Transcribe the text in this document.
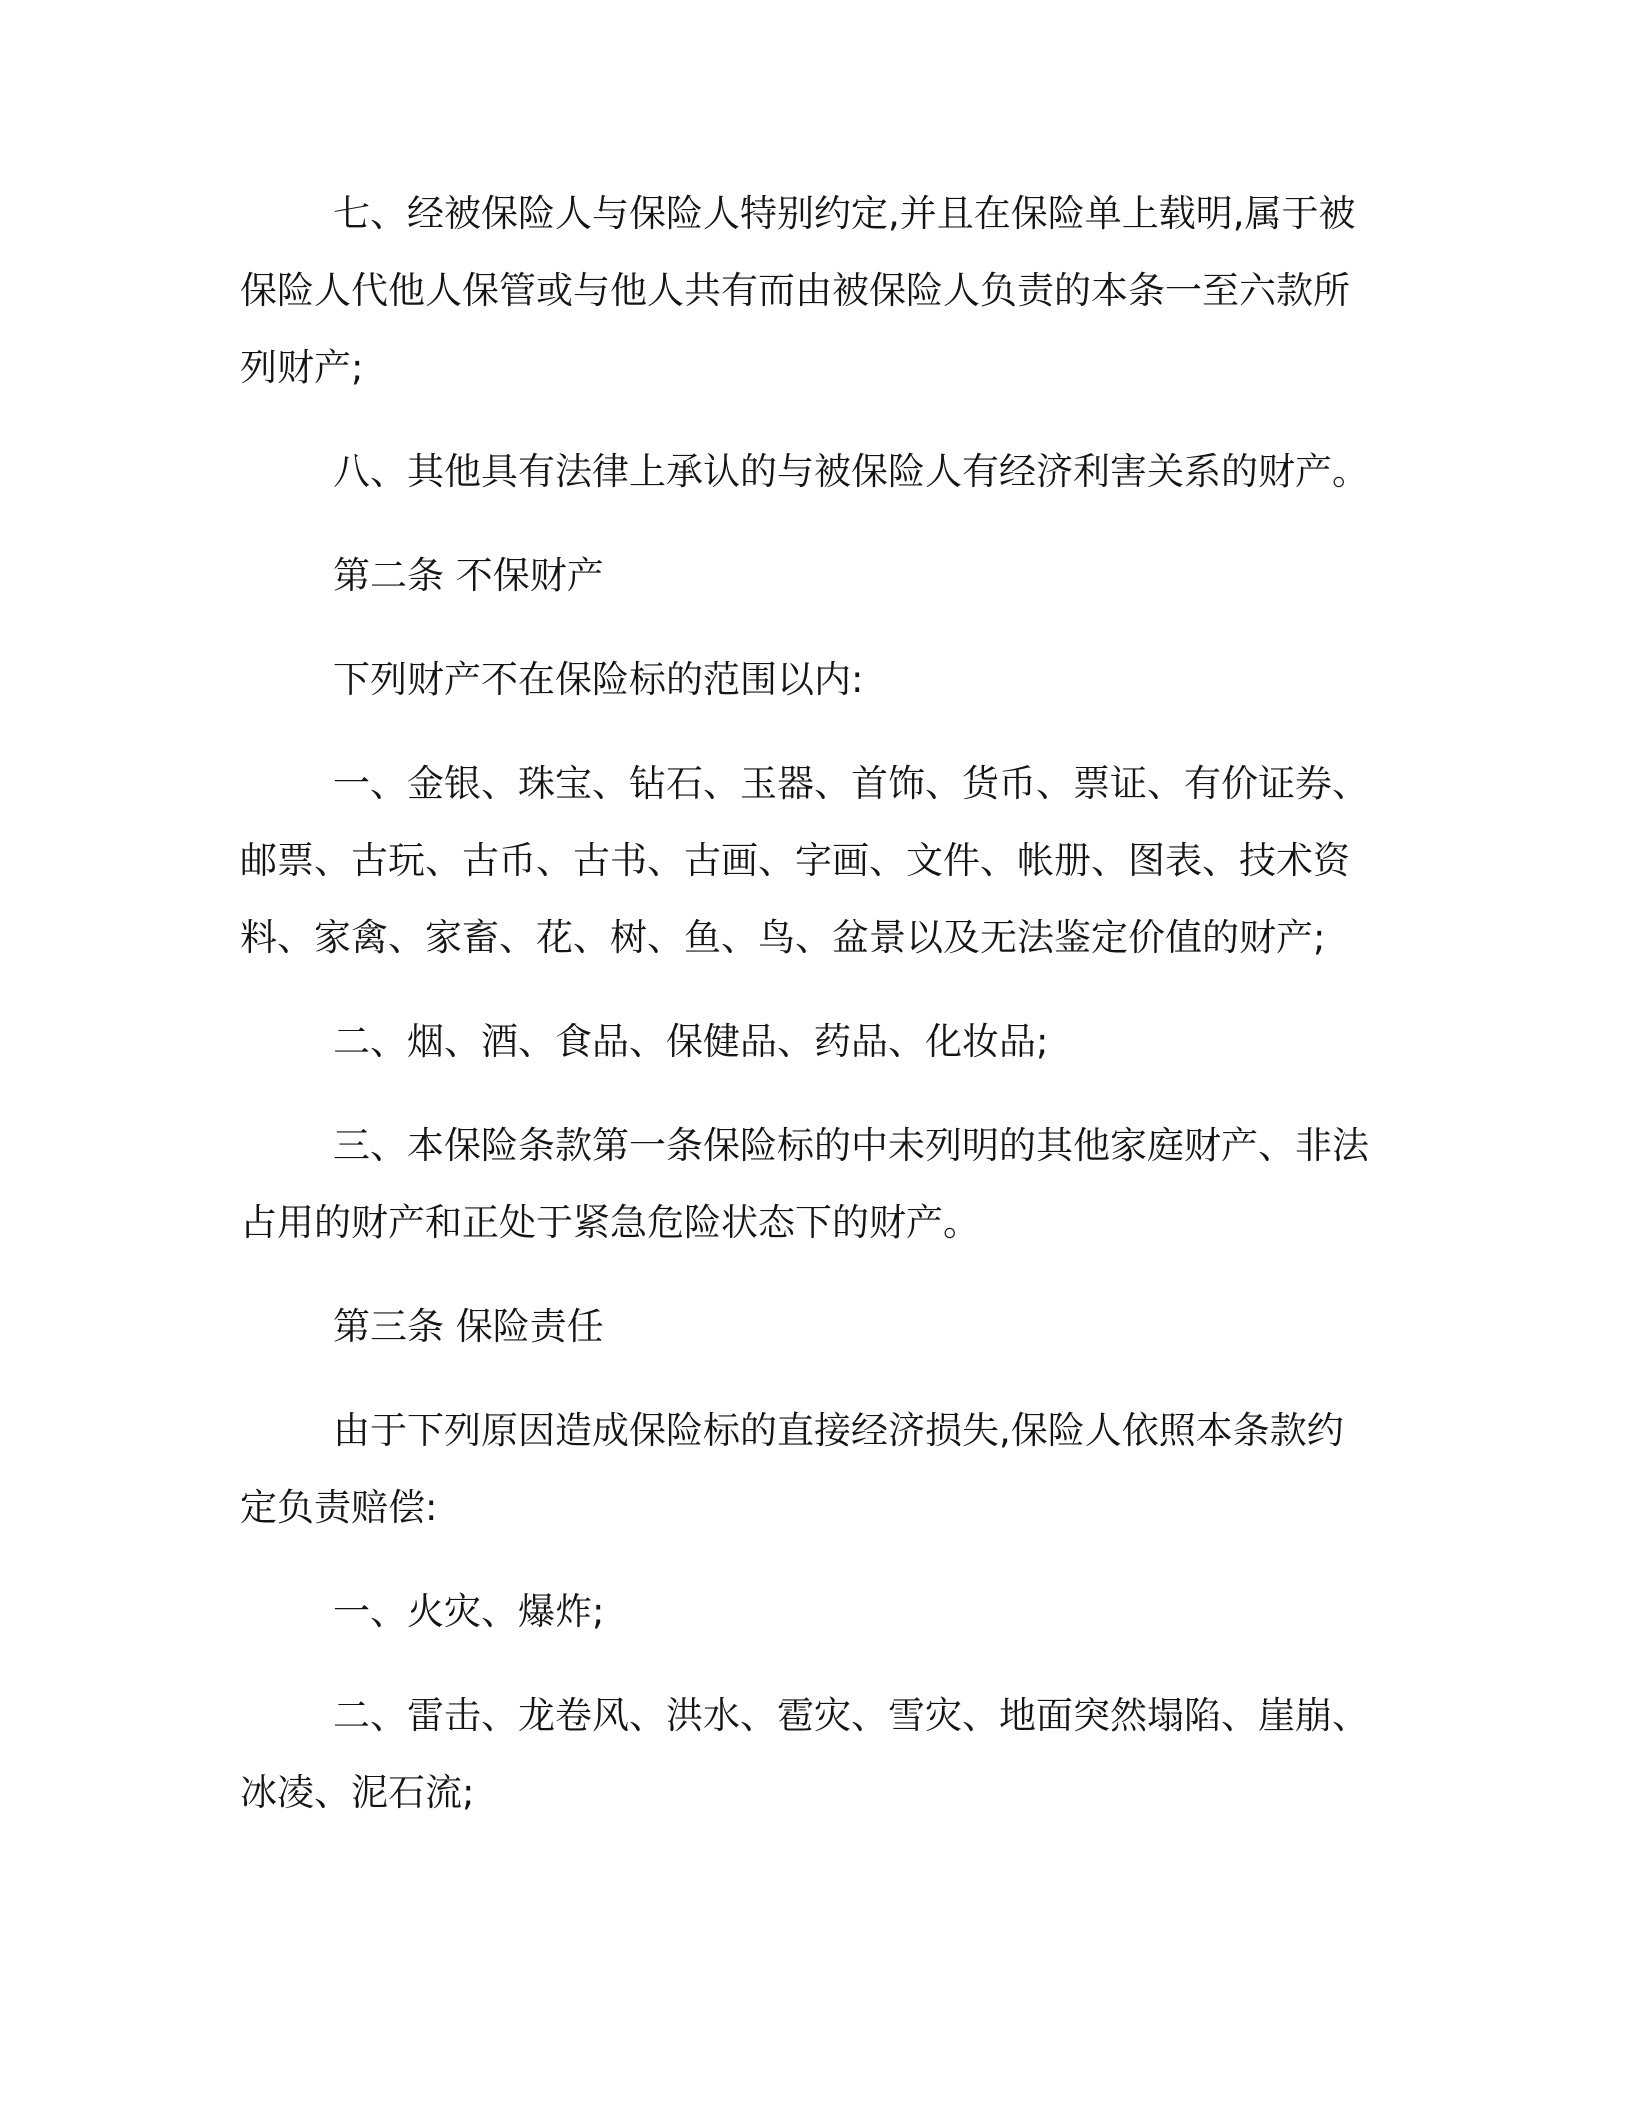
七、经被保险人与保险人特别约定,并且在保险单上载明,属于被
保险人代他人保管或与他人共有而由被保险人负责的本条一至六款所
列财产;

八、其他具有法律上承认的与被保险人有经济利害关系的财产。

第二条 不保财产

下列财产不在保险标的范围以内:

一、金银、珠宝、钻石、玉器、首饰、货币、票证、有价证券、
邮票、古玩、古币、古书、古画、字画、文件、帐册、图表、技术资
料、家禽、家畜、花、树、鱼、鸟、盆景以及无法鉴定价值的财产;

二、烟、酒、食品、保健品、药品、化妆品;

三、本保险条款第一条保险标的中未列明的其他家庭财产、非法
占用的财产和正处于紧急危险状态下的财产。

第三条 保险责任

由于下列原因造成保险标的直接经济损失,保险人依照本条款约
定负责赔偿:

一、火灾、爆炸;

二、雷击、龙卷风、洪水、雹灾、雪灾、地面突然塌陷、崖崩、
冰凌、泥石流;
